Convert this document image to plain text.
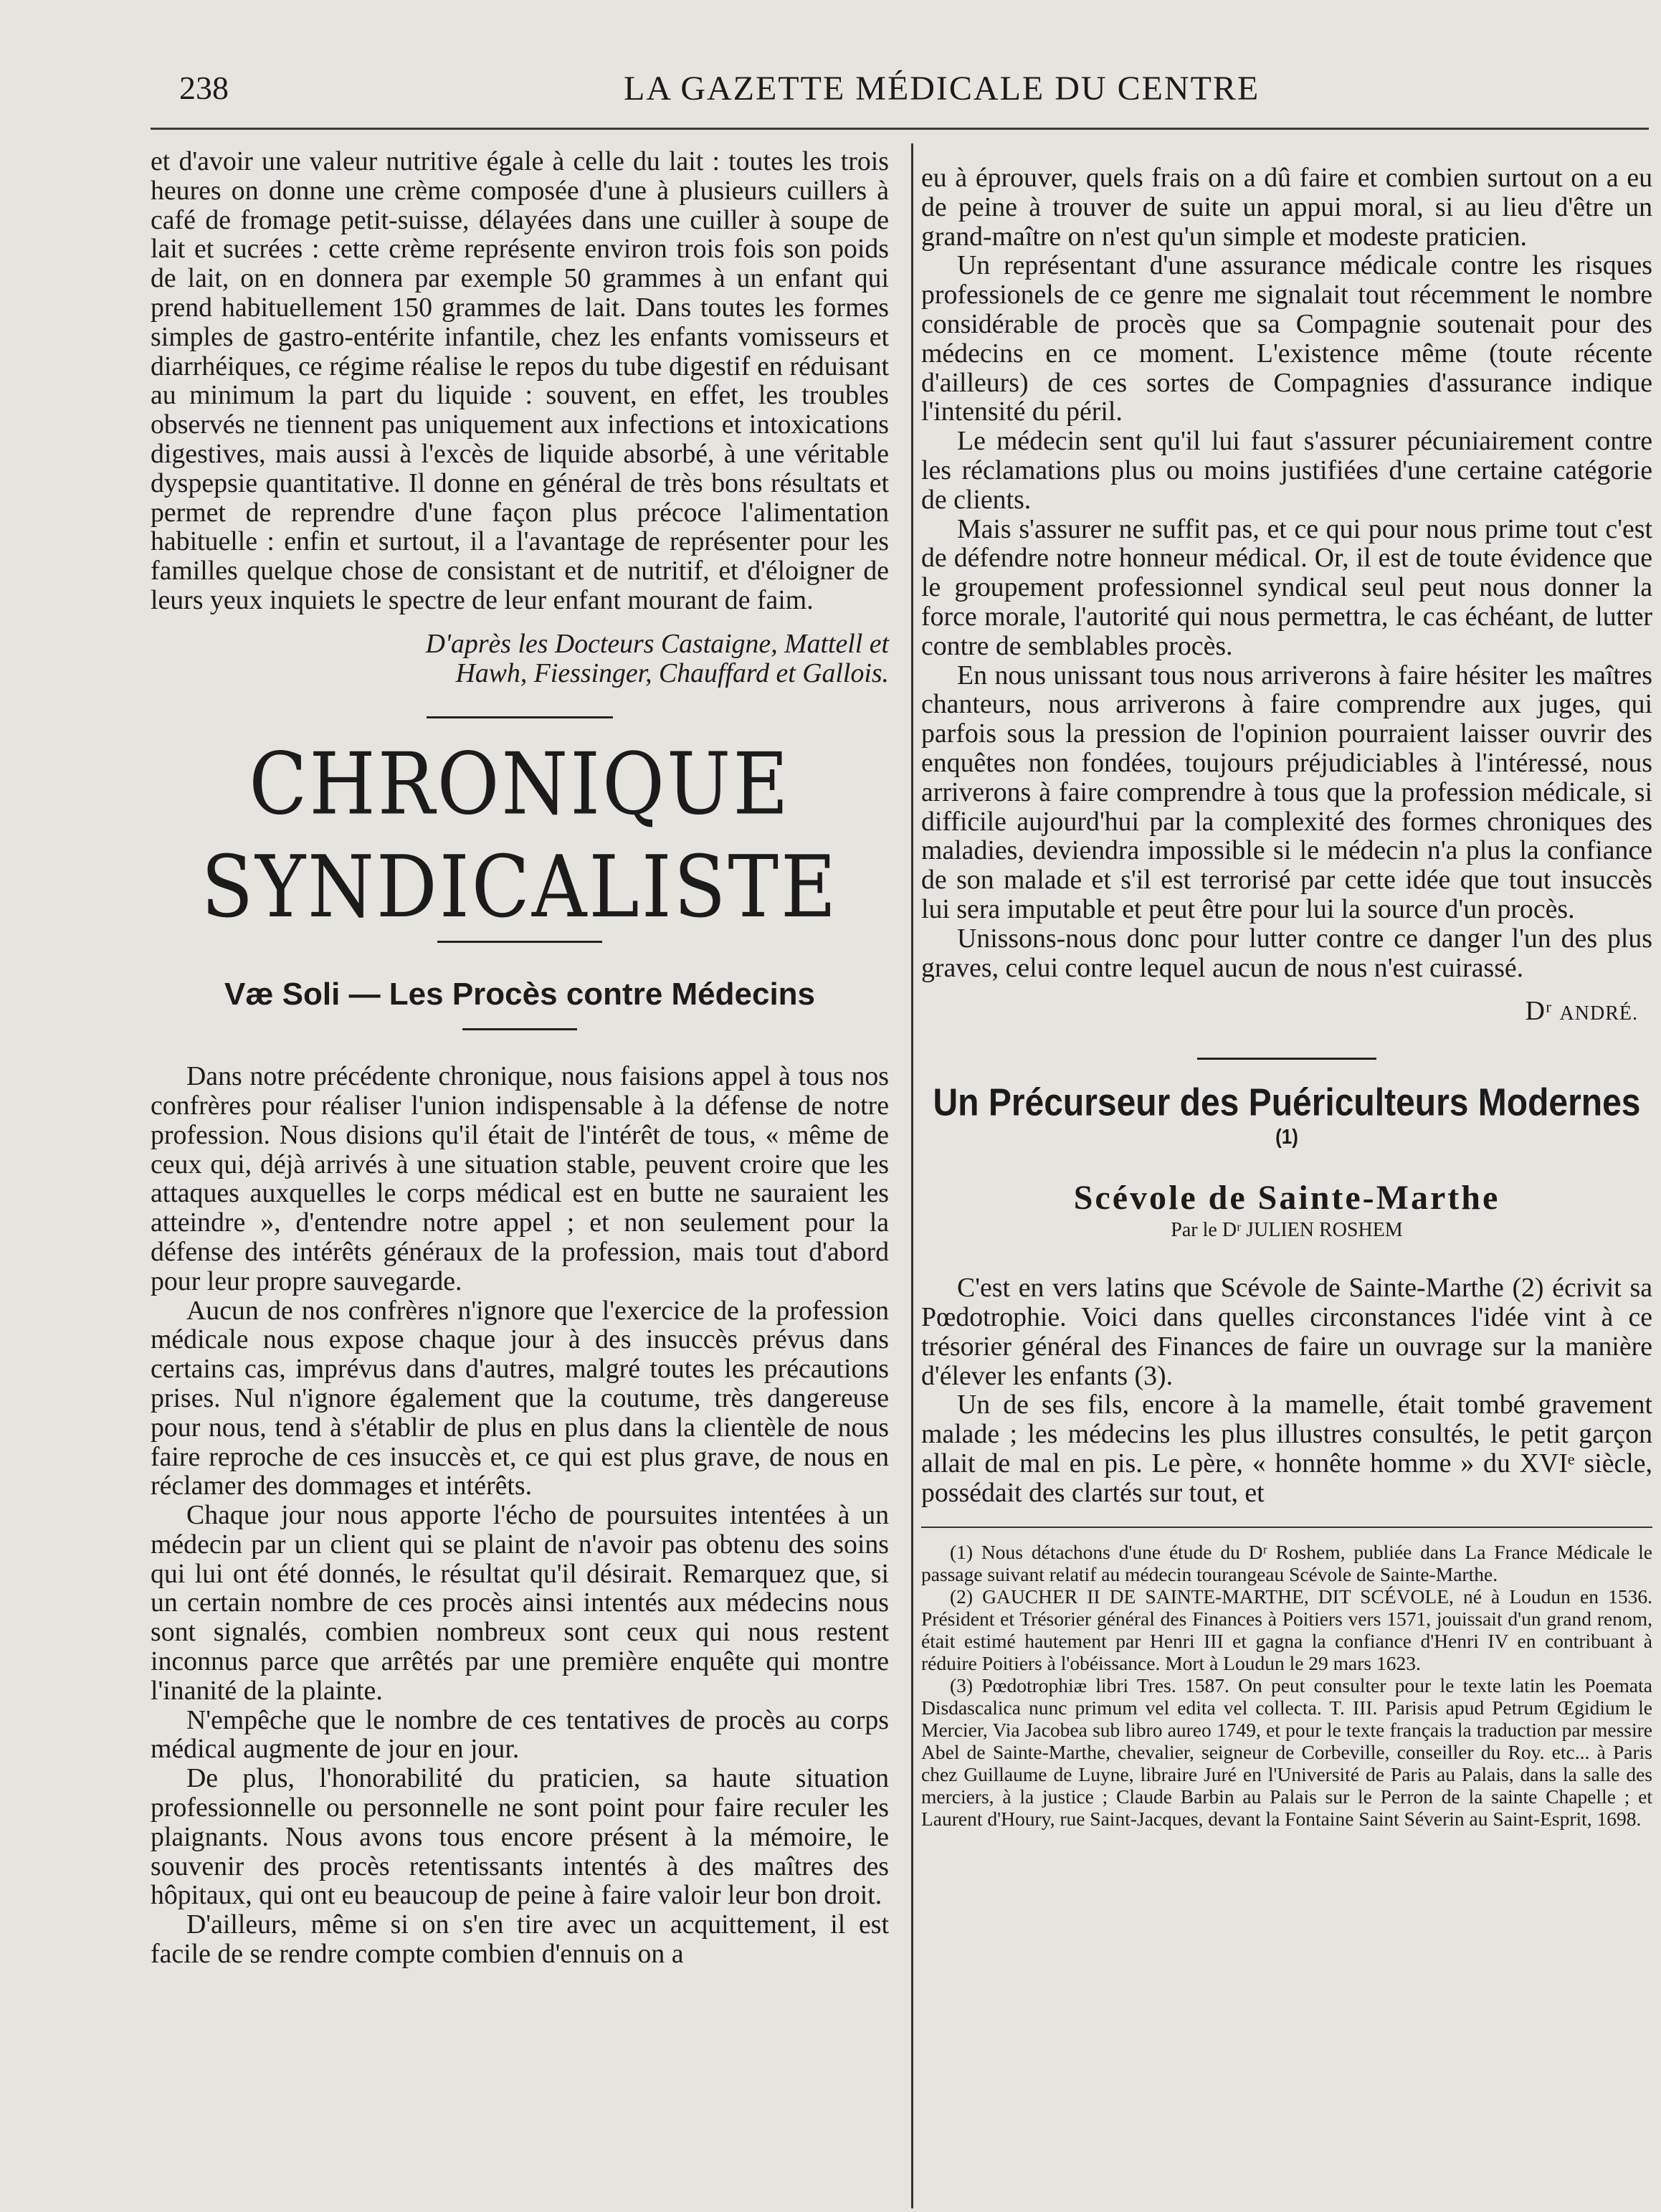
238	LA GAZETTE MÉDICALE DU CENTRE

et d'avoir une valeur nutritive égale à celle du lait : toutes les trois heures on donne une crème composée d'une à plusieurs cuillers à café de fromage petit-suisse, délayées dans une cuiller à soupe de lait et sucrées : cette crème représente environ trois fois son poids de lait, on en donnera par exemple 50 grammes à un enfant qui prend habituellement 150 grammes de lait. Dans toutes les formes simples de gastro-entérite infantile, chez les enfants vomisseurs et diarrhéiques, ce régime réalise le repos du tube digestif en réduisant au minimum la part du liquide : souvent, en effet, les troubles observés ne tiennent pas uniquement aux infections et intoxications digestives, mais aussi à l'excès de liquide absorbé, à une véritable dyspepsie quantitative. Il donne en général de très bons résultats et permet de reprendre d'une façon plus précoce l'alimentation habituelle : enfin et surtout, il a l'avantage de représenter pour les familles quelque chose de consistant et de nutritif, et d'éloigner de leurs yeux inquiets le spectre de leur enfant mourant de faim.

D'après les Docteurs Castaigne, Mattell et

Hawh, Fiessinger, Chauffard et Gallois.

CHRONIQUE SYNDICALISTE
Væ Soli — Les Procès contre Médecins

Dans notre précédente chronique, nous faisions appel à tous nos confrères pour réaliser l'union indispensable à la défense de notre profession. Nous disions qu'il était de l'intérêt de tous, « même de ceux qui, déjà arrivés à une situation stable, peuvent croire que les attaques auxquelles le corps médical est en butte ne sauraient les atteindre », d'entendre notre appel ; et non seulement pour la défense des intérêts généraux de la profession, mais tout d'abord pour leur propre sauvegarde.

Aucun de nos confrères n'ignore que l'exercice de la profession médicale nous expose chaque jour à des insuccès prévus dans certains cas, imprévus dans d'autres, malgré toutes les précautions prises. Nul n'ignore également que la coutume, très dangereuse pour nous, tend à s'établir de plus en plus dans la clientèle de nous faire reproche de ces insuccès et, ce qui est plus grave, de nous en réclamer des dommages et intérêts.

Chaque jour nous apporte l'écho de poursuites intentées à un médecin par un client qui se plaint de n'avoir pas obtenu des soins qui lui ont été donnés, le résultat qu'il désirait. Remarquez que, si un certain nombre de ces procès ainsi intentés aux médecins nous sont signalés, combien nombreux sont ceux qui nous restent inconnus parce que arrêtés par une première enquête qui montre l'inanité de la plainte.

N'empêche que le nombre de ces tentatives de procès au corps médical augmente de jour en jour.

De plus, l'honorabilité du praticien, sa haute situation professionnelle ou personnelle ne sont point pour faire reculer les plaignants. Nous avons tous encore présent à la mémoire, le souvenir des procès retentissants intentés à des maîtres des hôpitaux, qui ont eu beaucoup de peine à faire valoir leur bon droit.

D'ailleurs, même si on s'en tire avec un acquittement, il est facile de se rendre compte combien d'ennuis on a

eu à éprouver, quels frais on a dû faire et combien surtout on a eu de peine à trouver de suite un appui moral, si au lieu d'être un grand-maître on n'est qu'un simple et modeste praticien.

Un représentant d'une assurance médicale contre les risques professionels de ce genre me signalait tout récemment le nombre considérable de procès que sa Compagnie soutenait pour des médecins en ce moment. L'existence même (toute récente d'ailleurs) de ces sortes de Compagnies d'assurance indique l'intensité du péril.

Le médecin sent qu'il lui faut s'assurer pécuniairement contre les réclamations plus ou moins justifiées d'une certaine catégorie de clients.

Mais s'assurer ne suffit pas, et ce qui pour nous prime tout c'est de défendre notre honneur médical. Or, il est de toute évidence que le groupement professionnel syndical seul peut nous donner la force morale, l'autorité qui nous permettra, le cas échéant, de lutter contre de semblables procès.

En nous unissant tous nous arriverons à faire hésiter les maîtres chanteurs, nous arriverons à faire comprendre aux juges, qui parfois sous la pression de l'opinion pourraient laisser ouvrir des enquêtes non fondées, toujours préjudiciables à l'intéressé, nous arriverons à faire comprendre à tous que la profession médicale, si difficile aujourd'hui par la complexité des formes chroniques des maladies, deviendra impossible si le médecin n'a plus la confiance de son malade et s'il est terrorisé par cette idée que tout insuccès lui sera imputable et peut être pour lui la source d'un procès.

Unissons-nous donc pour lutter contre ce danger l'un des plus graves, celui contre lequel aucun de nous n'est cuirassé.

Dʳ ANDRÉ.

Un Précurseur des Puériculteurs Modernes $^{(1)}$
Scévole de Sainte-Marthe
Par le Dʳ JULIEN ROSHEM

C'est en vers latins que Scévole de Sainte-Marthe (2) écrivit sa Pœdotrophie. Voici dans quelles circonstances l'idée vint à ce trésorier général des Finances de faire un ouvrage sur la manière d'élever les enfants (3).

Un de ses fils, encore à la mamelle, était tombé gravement malade ; les médecins les plus illustres consultés, le petit garçon allait de mal en pis. Le père, « honnête homme » du XVIᵉ siècle, possédait des clartés sur tout, et

(1) Nous détachons d'une étude du Dʳ Roshem, publiée dans La France Médicale le passage suivant relatif au médecin tourangeau Scévole de Sainte-Marthe.

(2) GAUCHER II DE SAINTE-MARTHE, DIT SCÉVOLE, né à Loudun en 1536. Président et Trésorier général des Finances à Poitiers vers 1571, jouissait d'un grand renom, était estimé hautement par Henri III et gagna la confiance d'Henri IV en contribuant à réduire Poitiers à l'obéissance. Mort à Loudun le 29 mars 1623.

(3) Pœdotrophiæ libri Tres. 1587. On peut consulter pour le texte latin les Poemata Disdascalica nunc primum vel edita vel collecta. T. III. Parisis apud Petrum Œgidium le Mercier, Via Jacobea sub libro aureo 1749, et pour le texte français la traduction par messire Abel de Sainte-Marthe, chevalier, seigneur de Corbeville, conseiller du Roy. etc... à Paris chez Guillaume de Luyne, libraire Juré en l'Université de Paris au Palais, dans la salle des merciers, à la justice ; Claude Barbin au Palais sur le Perron de la sainte Chapelle ; et Laurent d'Houry, rue Saint-Jacques, devant la Fontaine Saint Séverin au Saint-Esprit, 1698.
